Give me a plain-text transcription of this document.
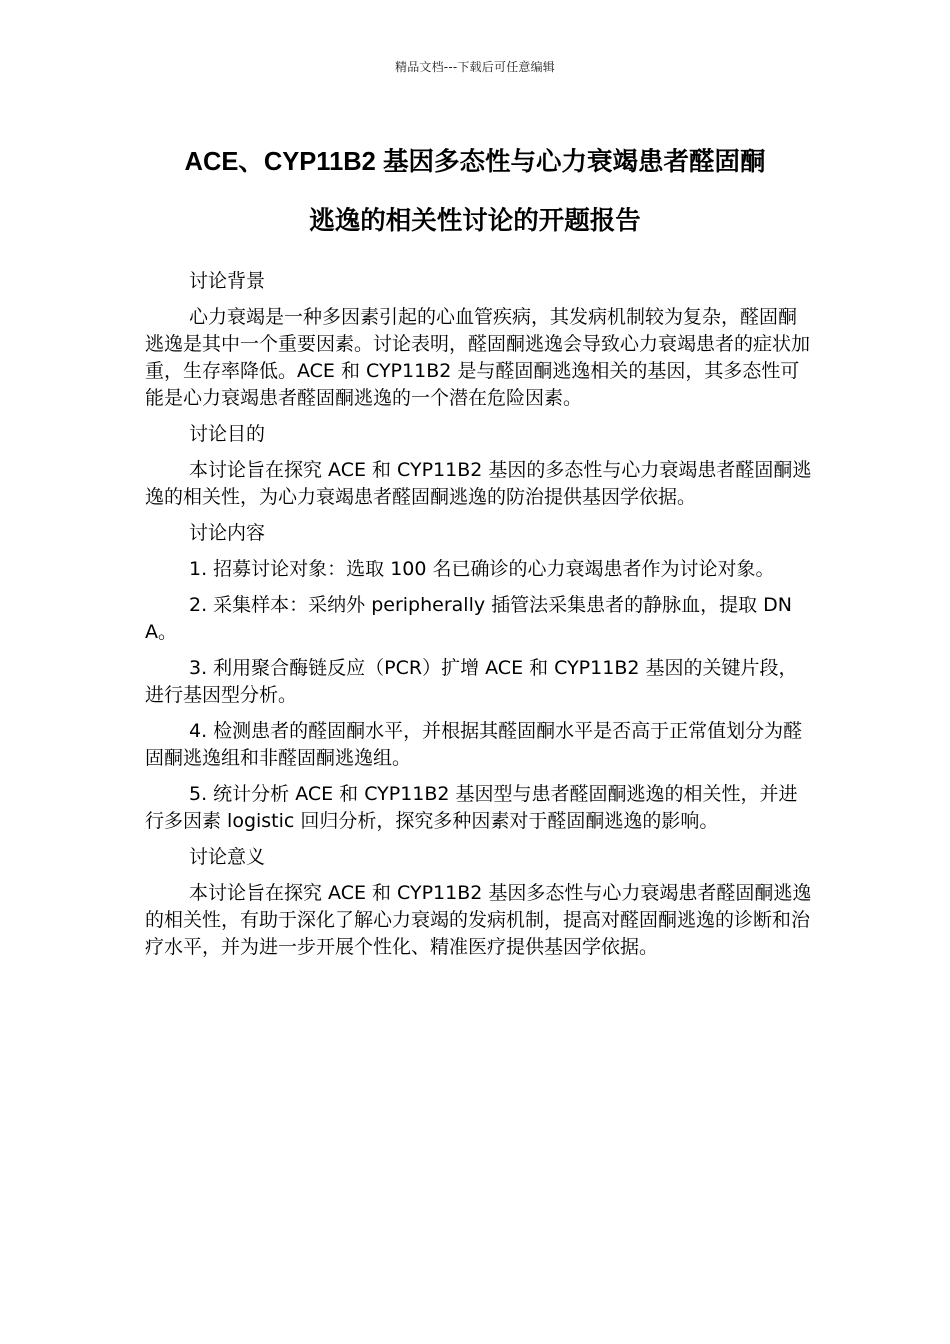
精品文档---下载后可任意编辑
ACE、CYP11B2 基因多态性与心力衰竭患者醛固酮
逃逸的相关性讨论的开题报告

讨论背景

心力衰竭是一种多因素引起的心血管疾病，其发病机制较为复杂，醛固酮逃逸是其中一个重要因素。讨论表明，醛固酮逃逸会导致心力衰竭患者的症状加重，生存率降低。ACE 和 CYP11B2 是与醛固酮逃逸相关的基因，其多态性可能是心力衰竭患者醛固酮逃逸的一个潜在危险因素。

讨论目的

本讨论旨在探究 ACE 和 CYP11B2 基因的多态性与心力衰竭患者醛固酮逃逸的相关性，为心力衰竭患者醛固酮逃逸的防治提供基因学依据。

讨论内容

1. 招募讨论对象：选取 100 名已确诊的心力衰竭患者作为讨论对象。

2. 采集样本：采纳外 peripherally 插管法采集患者的静脉血，提取 DNA。

3. 利用聚合酶链反应（PCR）扩增 ACE 和 CYP11B2 基因的关键片段，进行基因型分析。

4. 检测患者的醛固酮水平，并根据其醛固酮水平是否高于正常值划分为醛固酮逃逸组和非醛固酮逃逸组。

5. 统计分析 ACE 和 CYP11B2 基因型与患者醛固酮逃逸的相关性，并进行多因素 logistic 回归分析，探究多种因素对于醛固酮逃逸的影响。

讨论意义

本讨论旨在探究 ACE 和 CYP11B2 基因多态性与心力衰竭患者醛固酮逃逸的相关性，有助于深化了解心力衰竭的发病机制，提高对醛固酮逃逸的诊断和治疗水平，并为进一步开展个性化、精准医疗提供基因学依据。
